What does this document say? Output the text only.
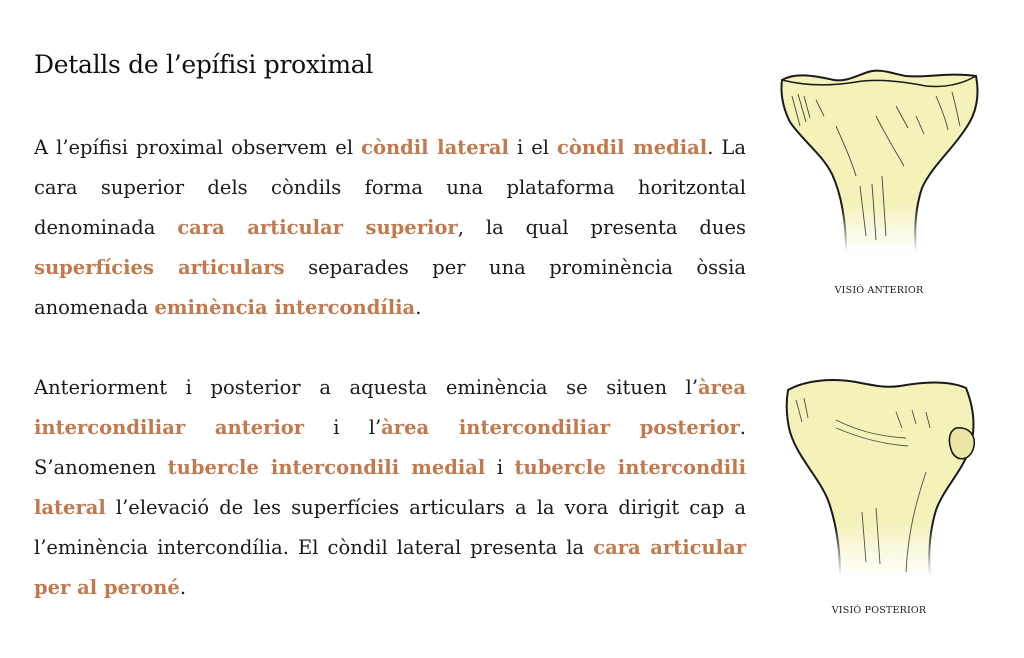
Detalls de l’epífisi proximal

A l’epífisi proximal observem el còndil lateral i el còndil medial. La cara superior dels còndils forma una plataforma horitzontal denominada cara articular superior, la qual presenta dues superfícies articulars separades per una prominència òssia anomenada eminència intercondília.

Anteriorment i posterior a aquesta eminència se situen l’àrea intercondiliar anterior i l’àrea intercondiliar posterior. S’anomenen tubercle intercondili medial i tubercle intercondili lateral l’elevació de les superfícies articulars a la vora dirigit cap a l’eminència intercondília. El còndil lateral presenta la cara articular per al peroné.

VISIÓ ANTERIOR
VISIÓ POSTERIOR
